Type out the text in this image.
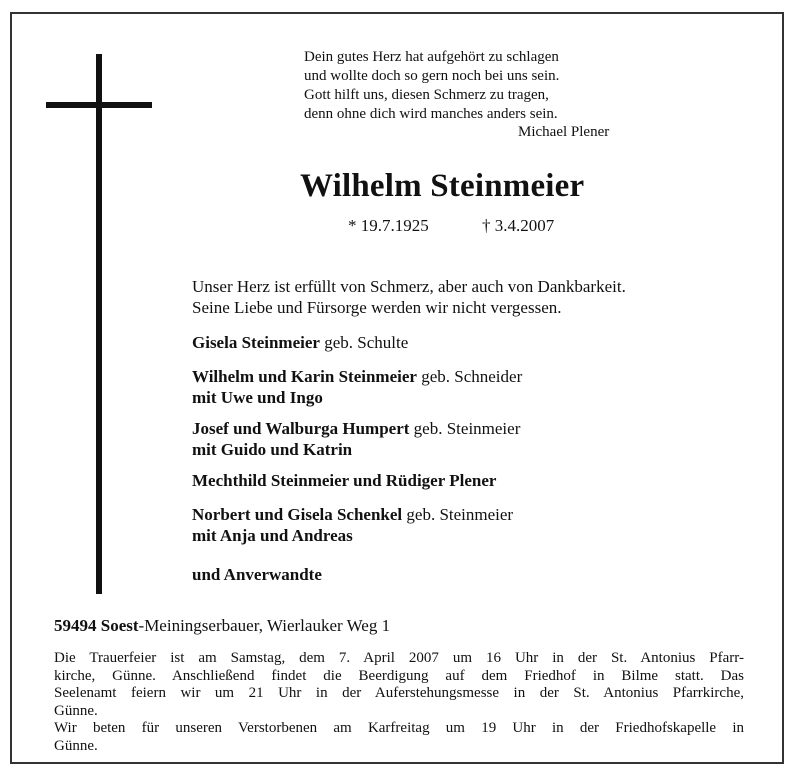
Dein gutes Herz hat aufgehört zu schlagen
und wollte doch so gern noch bei uns sein.
Gott hilft uns, diesen Schmerz zu tragen,
denn ohne dich wird manches anders sein.
Michael Plener
Wilhelm Steinmeier
* 19.7.1925	† 3.4.2007
Unser Herz ist erfüllt von Schmerz, aber auch von Dankbarkeit.
Seine Liebe und Fürsorge werden wir nicht vergessen.
Gisela Steinmeier geb. Schulte
Wilhelm und Karin Steinmeier geb. Schneider
mit Uwe und Ingo
Josef und Walburga Humpert geb. Steinmeier
mit Guido und Katrin
Mechthild Steinmeier und Rüdiger Plener
Norbert und Gisela Schenkel geb. Steinmeier
mit Anja und Andreas
und Anverwandte
59494 Soest-Meiningserbauer, Wierlauker Weg 1
Die Trauerfeier ist am Samstag, dem 7. April 2007 um 16 Uhr in der St. Antonius Pfarr-
kirche, Günne. Anschließend findet die Beerdigung auf dem Friedhof in Bilme statt. Das
Seelenamt feiern wir um 21 Uhr in der Auferstehungsmesse in der St. Antonius Pfarrkirche,
Günne.
Wir beten für unseren Verstorbenen am Karfreitag um 19 Uhr in der Friedhofskapelle in
Günne.
